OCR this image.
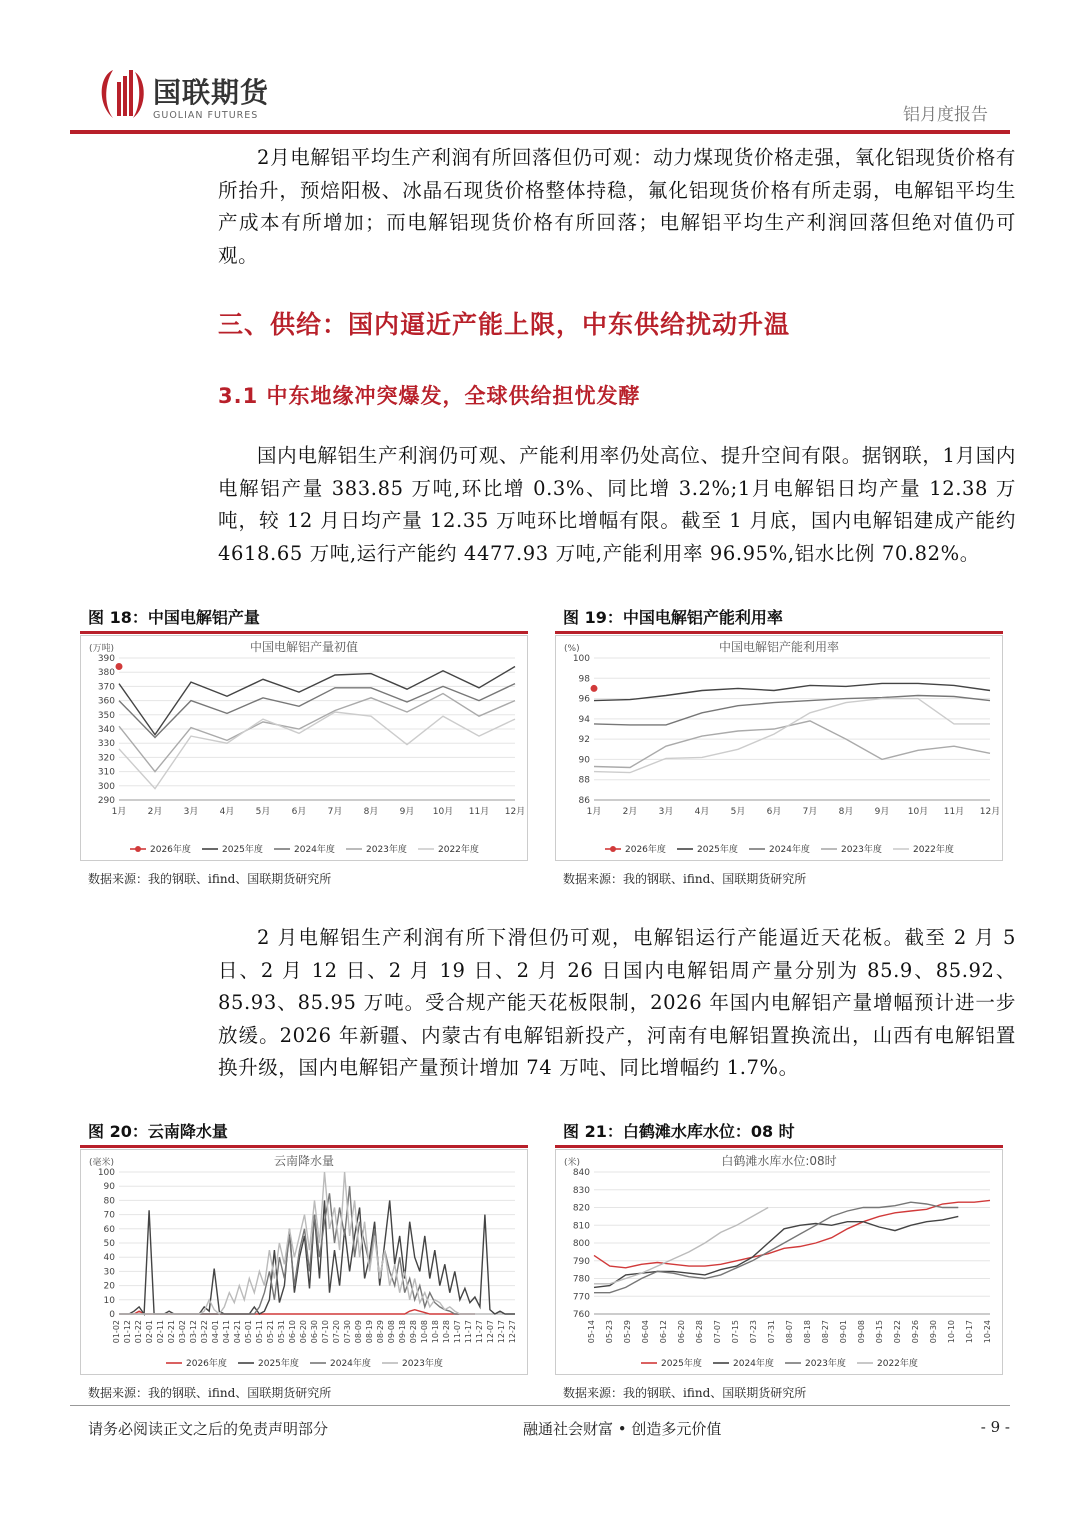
国联期货
GUOLIAN FUTURES	铝月度报告

2月电解铝平均生产利润有所回落但仍可观：动力煤现货价格走强，氧化铝现货价格有所抬升，预焙阳极、冰晶石现货价格整体持稳，氟化铝现货价格有所走弱，电解铝平均生产成本有所增加；而电解铝现货价格有所回落；电解铝平均生产利润回落但绝对值仍可观。

三、供给：国内逼近产能上限，中东供给扰动升温
3.1 中东地缘冲突爆发，全球供给担忧发酵

国内电解铝生产利润仍可观、产能利用率仍处高位、提升空间有限。据钢联，1月国内电解铝产量 383.85 万吨,环比增 0.3%、同比增 3.2%;1月电解铝日均产量 12.38 万吨，较 12 月日均产量 12.35 万吨环比增幅有限。截至 1 月底，国内电解铝建成产能约 4618.65 万吨,运行产能约 4477.93 万吨,产能利用率 96.95%,铝水比例 70.82%。

图 18：中国电解铝产量
中国电解铝产量初值
(万吨)
290
300
310
320
330
340
350
360
370
380
390
1月 2月 3月 4月 5月 6月 7月 8月 9月 10月 11月 12月
2026年度	2025年度	2024年度	2023年度	2022年度
数据来源：我的钢联、ifind、国联期货研究所
图 19：中国电解铝产能利用率
中国电解铝产能利用率
(%)
86
88
90
92
94
96
98
100
1月 2月 3月 4月 5月 6月 7月 8月 9月 10月 11月 12月
2026年度	2025年度	2024年度	2023年度	2022年度
数据来源：我的钢联、ifind、国联期货研究所

2 月电解铝生产利润有所下滑但仍可观，电解铝运行产能逼近天花板。截至 2 月 5 日、2 月 12 日、2 月 19 日、2 月 26 日国内电解铝周产量分别为 85.9、85.92、85.93、85.95 万吨。受合规产能天花板限制，2026 年国内电解铝产量增幅预计进一步放缓。2026 年新疆、内蒙古有电解铝新投产，河南有电解铝置换流出，山西有电解铝置换升级，国内电解铝产量预计增加 74 万吨、同比增幅约 1.7%。

图 20：云南降水量
云南降水量
(毫米)
0
10
20
30
40
50
60
70
80
90
100
01-02 01-12 01-22 02-01 02-11 02-21 03-02 03-12 03-22 04-01 04-11 04-21 05-01 05-11 05-21 05-31 06-10 06-20 06-30 07-10 07-20 07-30 08-09 08-19 08-29 09-08 09-18 09-28 10-08 10-18 10-28 11-07 11-17 11-27 12-07 12-17 12-27
2026年度	2025年度	2024年度	2023年度
数据来源：我的钢联、ifind、国联期货研究所
图 21：白鹤滩水库水位：08 时
白鹤滩水库水位:08时
(米)
760
770
780
790
800
810
820
830
840
05-14 05-23 05-29 06-04 06-12 06-20 06-28 07-07 07-15 07-23 07-31 08-07 08-18 08-27 09-01 09-08 09-15 09-22 09-26 09-30 10-10 10-17 10-24
2025年度	2024年度	2023年度	2022年度
数据来源：我的钢联、ifind、国联期货研究所
请务必阅读正文之后的免责声明部分	融通社会财富 • 创造多元价值	- 9 -
